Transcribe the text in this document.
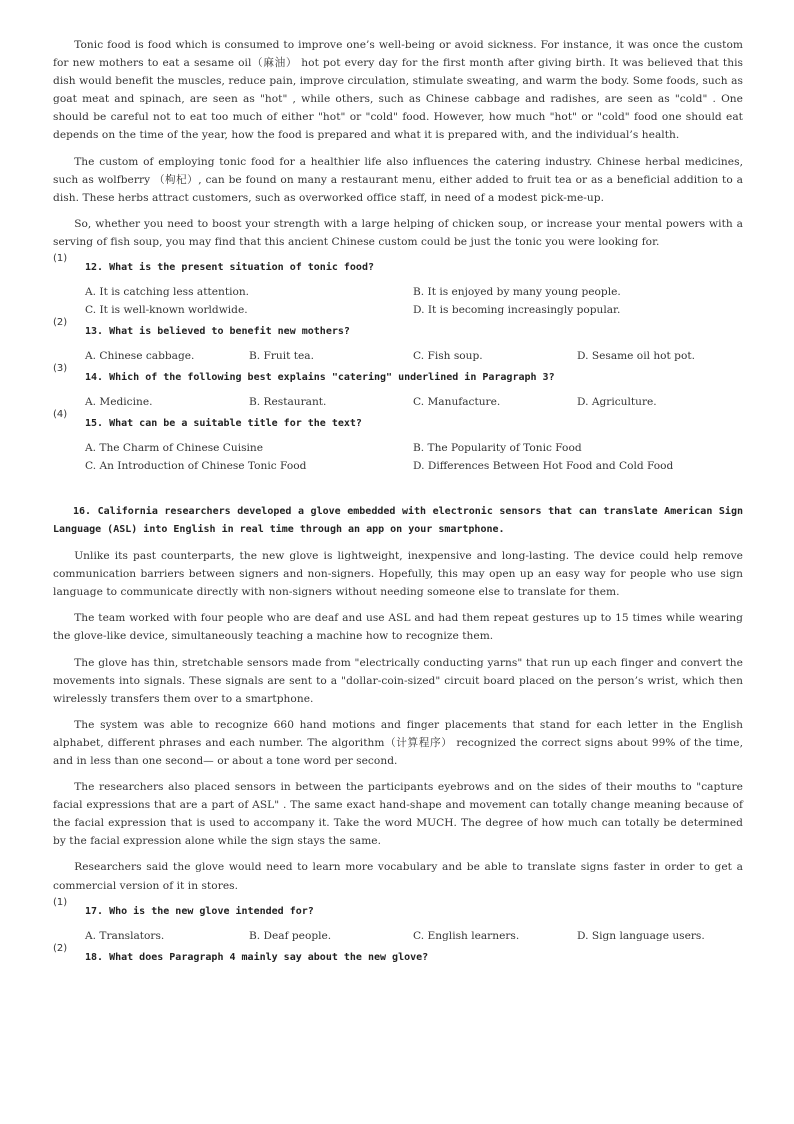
Tonic food is food which is consumed to improve one’s well-being or avoid sickness. For instance, it was once the custom for new mothers to eat a sesame oil（麻油） hot pot every day for the first month after giving birth. It was believed that this dish would benefit the muscles, reduce pain, improve circulation, stimulate sweating, and warm the body. Some foods, such as goat meat and spinach, are seen as "hot" , while others, such as Chinese cabbage and radishes, are seen as "cold" . One should be careful not to eat too much of either "hot" or "cold" food. However, how much "hot" or "cold" food one should eat depends on the time of the year, how the food is prepared and what it is prepared with, and the individual’s health.

The custom of employing tonic food for a healthier life also influences the catering industry. Chinese herbal medicines, such as wolfberry （枸杞）, can be found on many a restaurant menu, either added to fruit tea or as a beneficial addition to a dish. These herbs attract customers, such as overworked office staff, in need of a modest pick-me-up.

So, whether you need to boost your strength with a large helping of chicken soup, or increase your mental powers with a serving of fish soup, you may find that this ancient Chinese custom could be just the tonic you were looking for.

(1)
12. What is the present situation of tonic food?
A. It is catching less attention.	B. It is enjoyed by many young people.
C. It is well-known worldwide.	D. It is becoming increasingly popular.
(2)
13. What is believed to benefit new mothers?
A. Chinese cabbage.	B. Fruit tea.	C. Fish soup.	D. Sesame oil hot pot.
(3)
14. Which of the following best explains "catering" underlined in Paragraph 3?
A. Medicine.	B. Restaurant.	C. Manufacture.	D. Agriculture.
(4)
15. What can be a suitable title for the text?
A. The Charm of Chinese Cuisine	B. The Popularity of Tonic Food
C. An Introduction of Chinese Tonic Food	D. Differences Between Hot Food and Cold Food

16. California researchers developed a glove embedded with electronic sensors that can translate American Sign Language (ASL) into English in real time through an app on your smartphone.

Unlike its past counterparts, the new glove is lightweight, inexpensive and long-lasting. The device could help remove communication barriers between signers and non-signers. Hopefully, this may open up an easy way for people who use sign language to communicate directly with non-signers without needing someone else to translate for them.

The team worked with four people who are deaf and use ASL and had them repeat gestures up to 15 times while wearing the glove-like device, simultaneously teaching a machine how to recognize them.

The glove has thin, stretchable sensors made from "electrically conducting yarns" that run up each finger and convert the movements into signals. These signals are sent to a "dollar-coin-sized" circuit board placed on the person’s wrist, which then wirelessly transfers them over to a smartphone.

The system was able to recognize 660 hand motions and finger placements that stand for each letter in the English alphabet, different phrases and each number. The algorithm（计算程序） recognized the correct signs about 99% of the time, and in less than one second— or about a tone word per second.

The researchers also placed sensors in between the participants eyebrows and on the sides of their mouths to "capture facial expressions that are a part of ASL" . The same exact hand-shape and movement can totally change meaning because of the facial expression that is used to accompany it. Take the word MUCH. The degree of how much can totally be determined by the facial expression alone while the sign stays the same.

Researchers said the glove would need to learn more vocabulary and be able to translate signs faster in order to get a commercial version of it in stores.

(1)
17. Who is the new glove intended for?
A. Translators.	B. Deaf people.	C. English learners.	D. Sign language users.
(2)
18. What does Paragraph 4 mainly say about the new glove?
